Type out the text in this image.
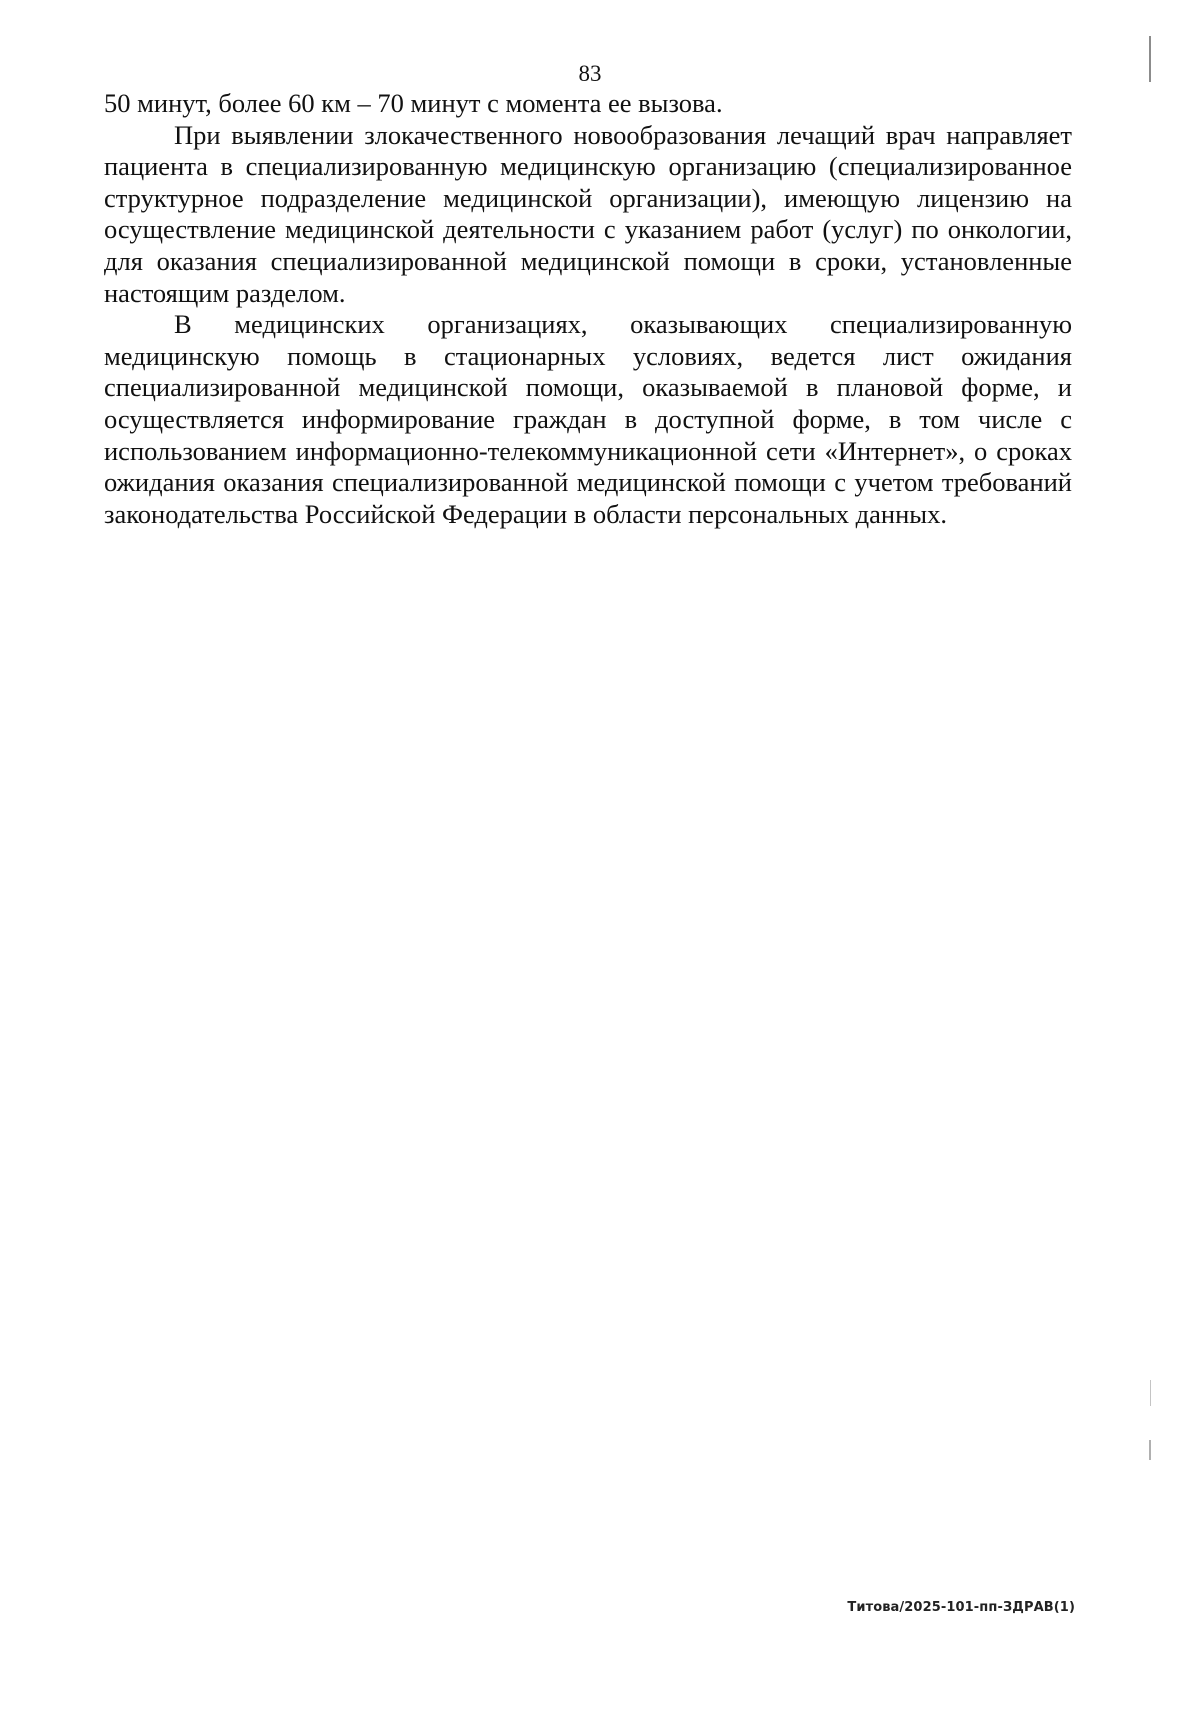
83

50 минут, более 60 км – 70 минут с момента ее вызова.

При выявлении злокачественного новообразования лечащий врач направляет пациента в специализированную медицинскую организацию (специализированное структурное подразделение медицинской организации), имеющую лицензию на осуществление медицинской деятельности с указанием работ (услуг) по онкологии, для оказания специализированной медицинской помощи в сроки, установленные настоящим разделом.

В медицинских организациях, оказывающих специализированную медицинскую помощь в стационарных условиях, ведется лист ожидания специализированной медицинской помощи, оказываемой в плановой форме, и осуществляется информирование граждан в доступной форме, в том числе с использованием информационно-телекоммуникационной сети «Интернет», о сроках ожидания оказания специализированной медицинской помощи с учетом требований законодательства Российской Федерации в области персональных данных.

Титова/2025-101-пп-ЗДРАВ(1)
